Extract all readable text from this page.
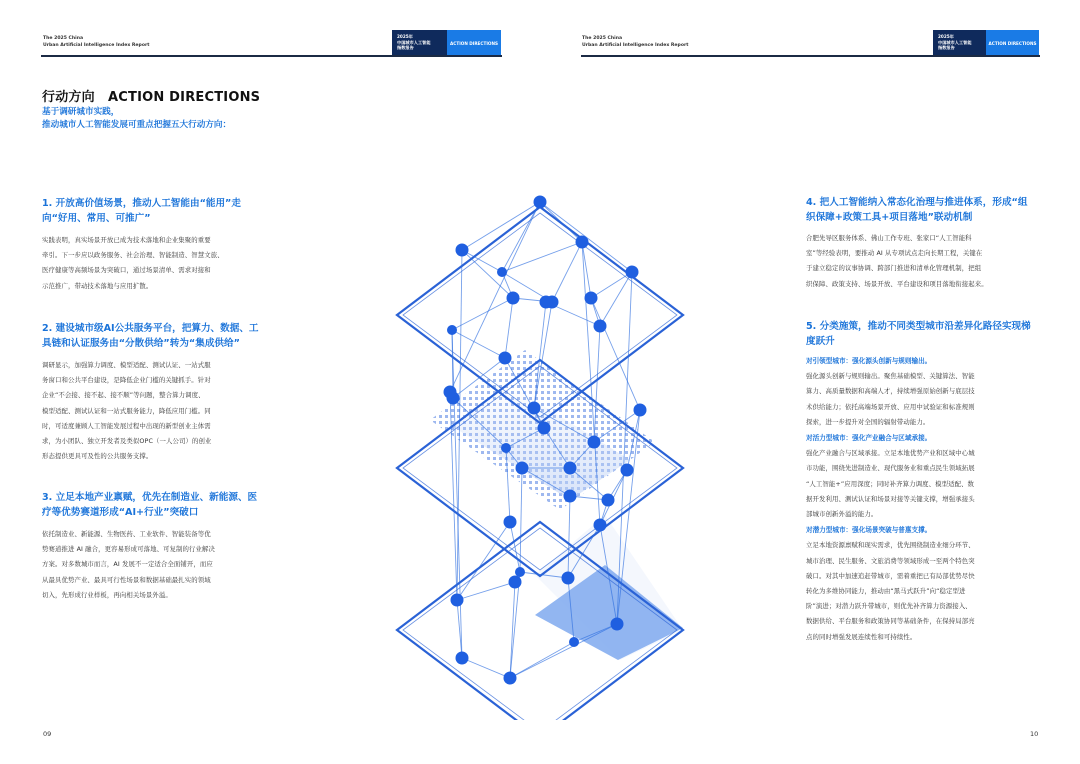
The 2025 China
Urban Artificial Intelligence Index Report
2025年
中国城市人工智能
指数报告
ACTION DIRECTIONS
The 2025 China
Urban Artificial Intelligence Index Report
2025年
中国城市人工智能
指数报告
ACTION DIRECTIONS
行动方向　ACTION DIRECTIONS
基于调研城市实践，
推动城市人工智能发展可重点把握五大行动方向：
1. 开放高价值场景，推动人工智能由“能用”走向“好用、常用、可推广”
实践表明，真实场景开放已成为技术落地和企业集聚的重要
牵引。下一步应以政务服务、社会治理、智能制造、智慧文旅、
医疗健康等高频场景为突破口，通过场景清单、需求对接和
示范推广，带动技术落地与应用扩散。
2. 建设城市级AI公共服务平台，把算力、数据、工具链和认证服务由“分散供给”转为“集成供给”
调研显示，加强算力调度、模型适配、测试认证、一站式服
务窗口和公共平台建设，是降低企业门槛的关键抓手。针对
企业“不会接、接不起、接不顺”等问题，整合算力调度、
模型适配、测试认证和一站式服务能力，降低应用门槛。同
时，可适度兼顾人工智能发展过程中出现的新型创业主体需
求，为小团队、独立开发者及类似OPC（一人公司）的创业
形态提供更具可及性的公共服务支撑。
3. 立足本地产业禀赋，优先在制造业、新能源、医疗等优势赛道形成“AI+行业”突破口
依托制造业、新能源、生物医药、工业软件、智能装备等优
势赛道推进 AI 融合，更容易形成可落地、可复制的行业解决
方案。对多数城市而言，AI 发展不一定适合全面铺开，而应
从最具优势产业、最具可行性场景和数据基础最扎实的领域
切入，先形成行业样板，再向相关场景外溢。
4. 把人工智能纳入常态化治理与推进体系，形成“组织保障+政策工具+项目落地”联动机制
合肥先导区服务体系、佛山工作专班、张家口“人工智能科
室”等经验表明，要推动 AI 从专项试点走向长期工程，关键在
于建立稳定的议事协调、跨部门推进和清单化管理机制，把组
织保障、政策支持、场景开放、平台建设和项目落地衔接起来。
5. 分类施策，推动不同类型城市沿差异化路径实现梯度跃升
对引领型城市：强化源头创新与规则输出。
强化源头创新与规则输出。聚焦基础模型、关键算法、智能
算力、高质量数据和高端人才，持续增强原始创新与底层技
术供给能力；依托高端场景开放、应用中试验证和标准规则
探索，进一步提升对全国的辐射带动能力。
对活力型城市：强化产业融合与区域承接。
强化产业融合与区域承接。立足本地优势产业和区域中心城
市功能，围绕先进制造业、现代服务业和重点民生领域拓展
“人工智能+”应用深度；同时补齐算力调度、模型适配、数
据开发利用、测试认证和场景对接等关键支撑，增强承接头
部城市创新外溢的能力。
对潜力型城市：强化场景突破与普惠支撑。
立足本地资源禀赋和现实需求，优先围绕制造业细分环节、
城市治理、民生服务、文旅消费等领域形成一至两个特色突
破口。对其中加速追赶带城市，需着重把已有局部优势尽快
转化为多维协同能力，推动由“黑马式跃升”向“稳定型进
阶”演进；对潜力跃升带城市，则优先补齐算力资源接入、
数据供给、平台服务和政策协同等基础条件，在保持局部亮
点的同时增强发展连续性和可持续性。
09	10
